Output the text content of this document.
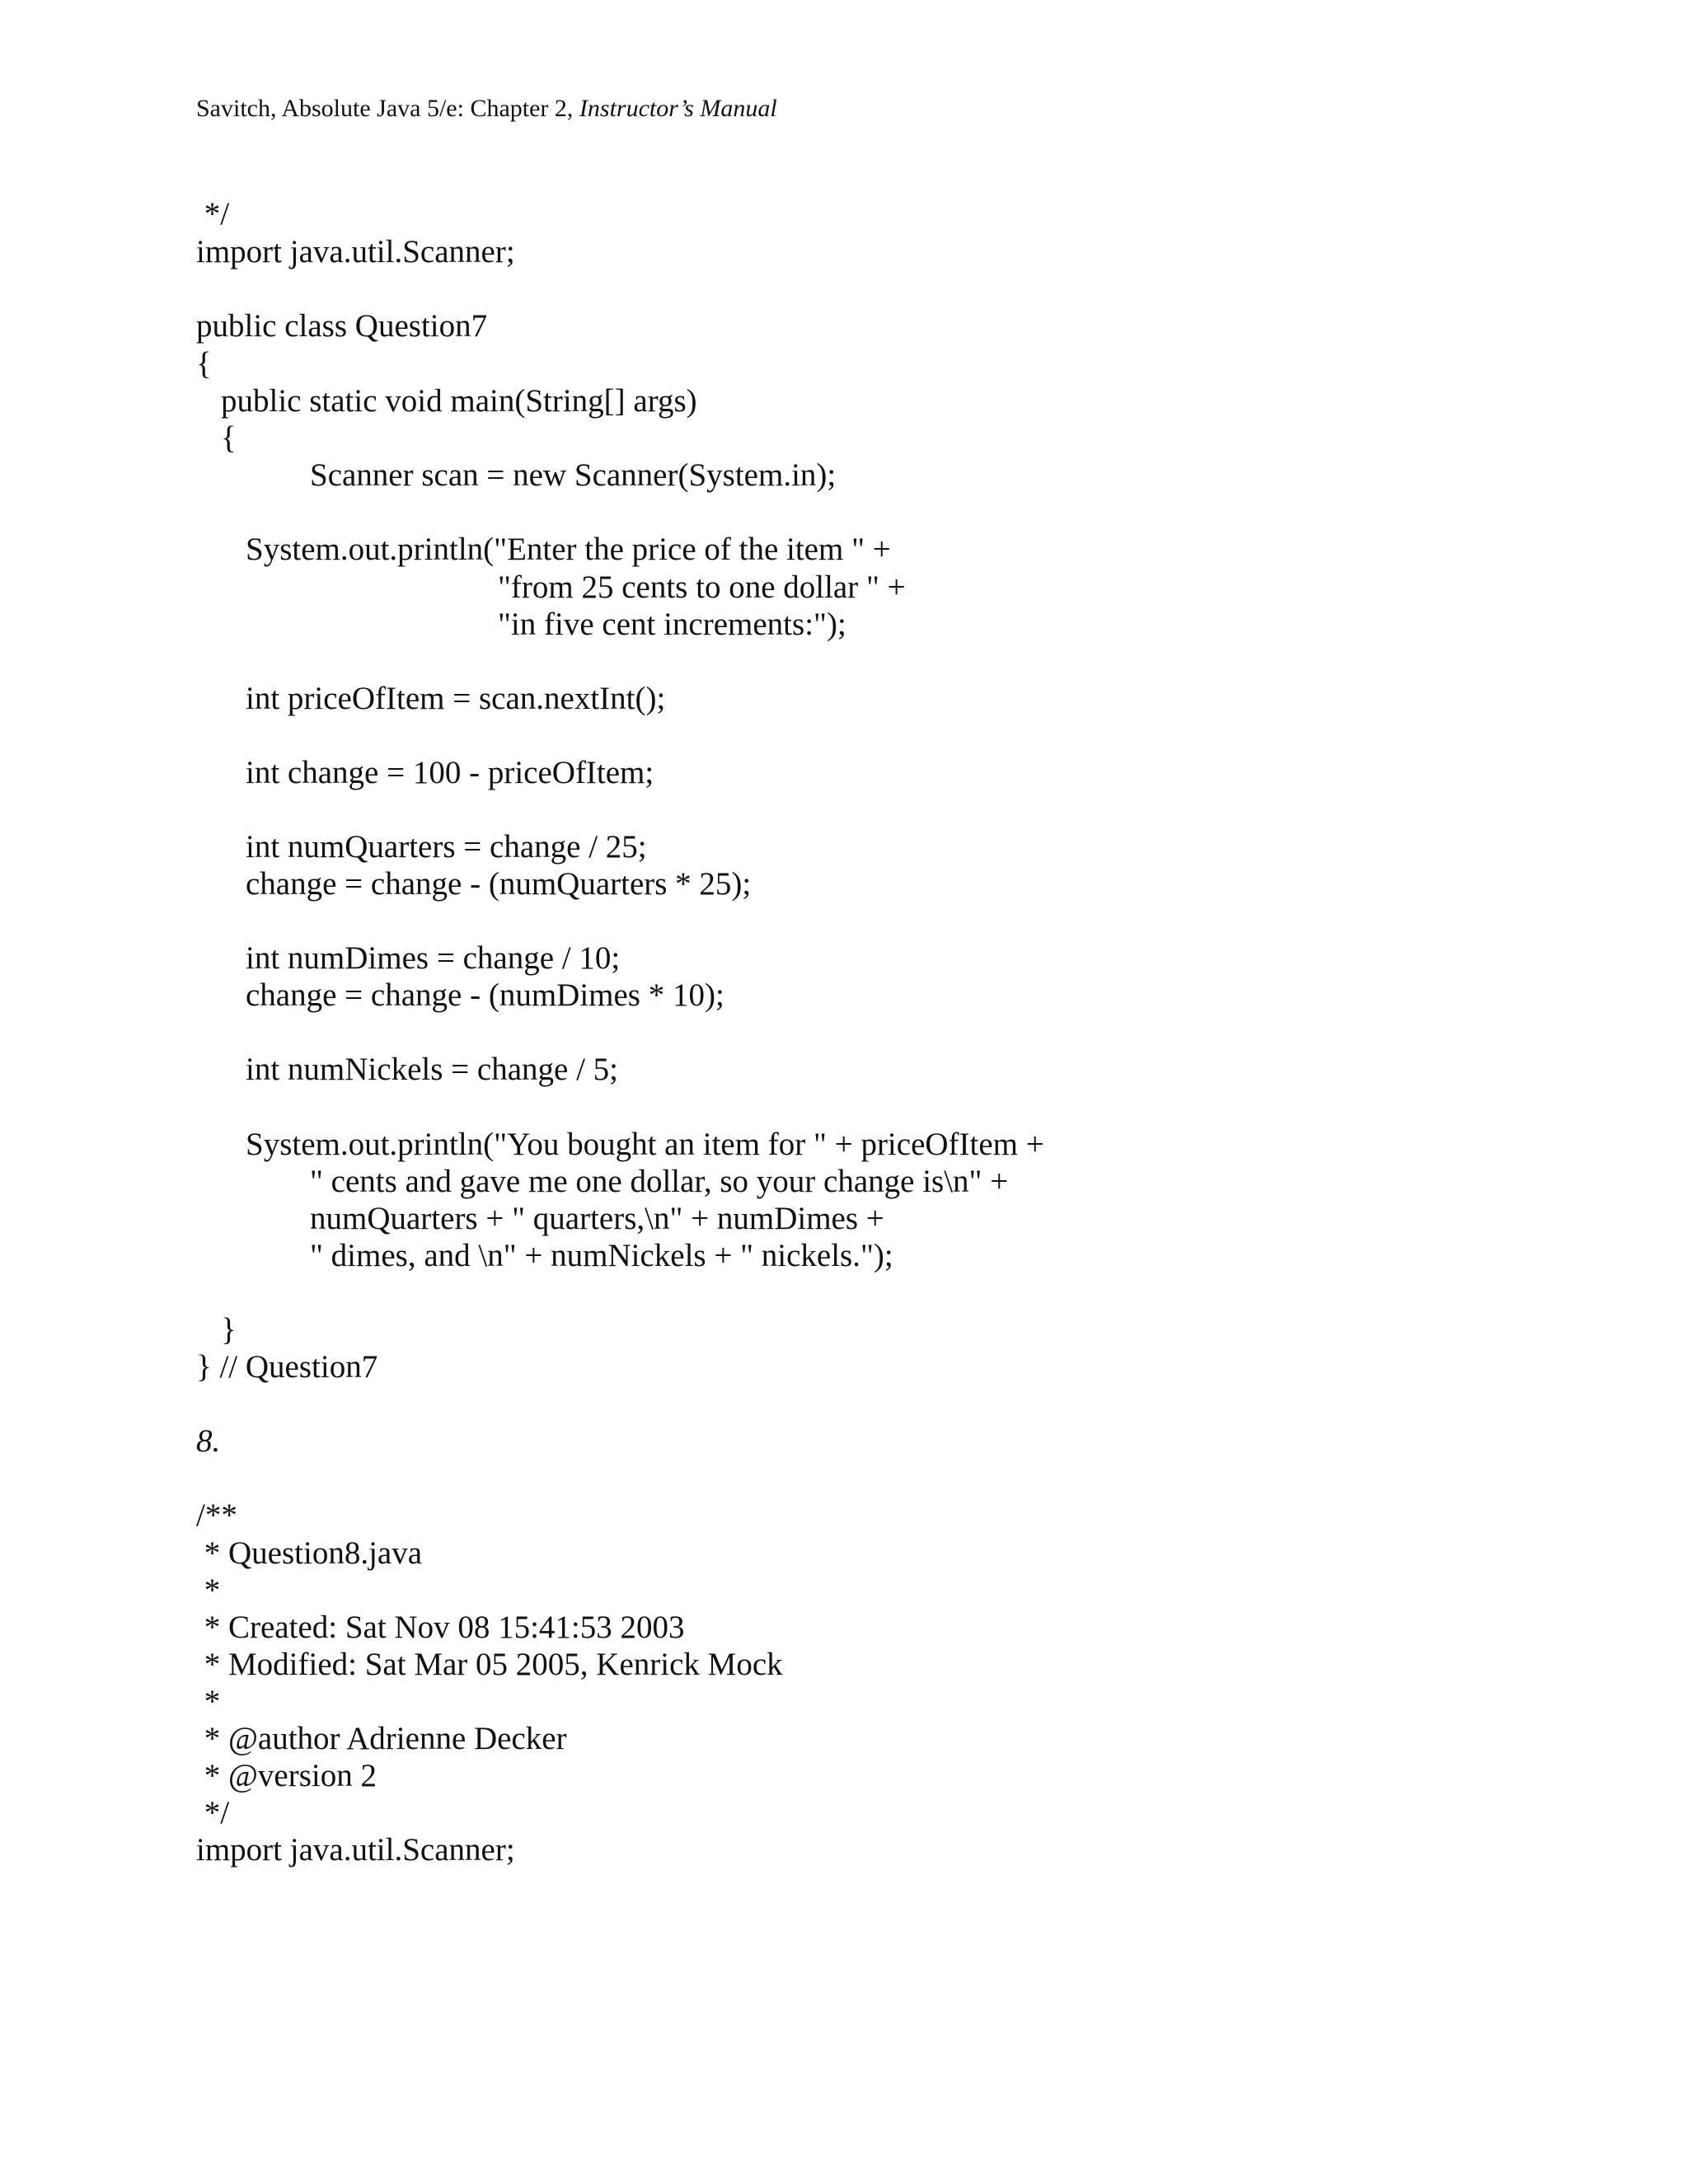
Savitch, Absolute Java 5/e: Chapter 2, Instructor’s Manual
*/
import java.util.Scanner;
public class Question7
{
public static void main(String[] args)
{
Scanner scan = new Scanner(System.in);
System.out.println("Enter the price of the item " +
"from 25 cents to one dollar " +
"in five cent increments:");
int priceOfItem = scan.nextInt();
int change = 100 - priceOfItem;
int numQuarters = change / 25;
change = change - (numQuarters * 25);
int numDimes = change / 10;
change = change - (numDimes * 10);
int numNickels = change / 5;
System.out.println("You bought an item for " + priceOfItem +
" cents and gave me one dollar, so your change is\n" +
numQuarters + " quarters,\n" + numDimes +
" dimes, and \n" + numNickels + " nickels.");
}
} // Question7
8.
/**
* Question8.java
*
* Created: Sat Nov 08 15:41:53 2003
* Modified: Sat Mar 05 2005, Kenrick Mock
*
* @author Adrienne Decker
* @version 2
*/
import java.util.Scanner;
